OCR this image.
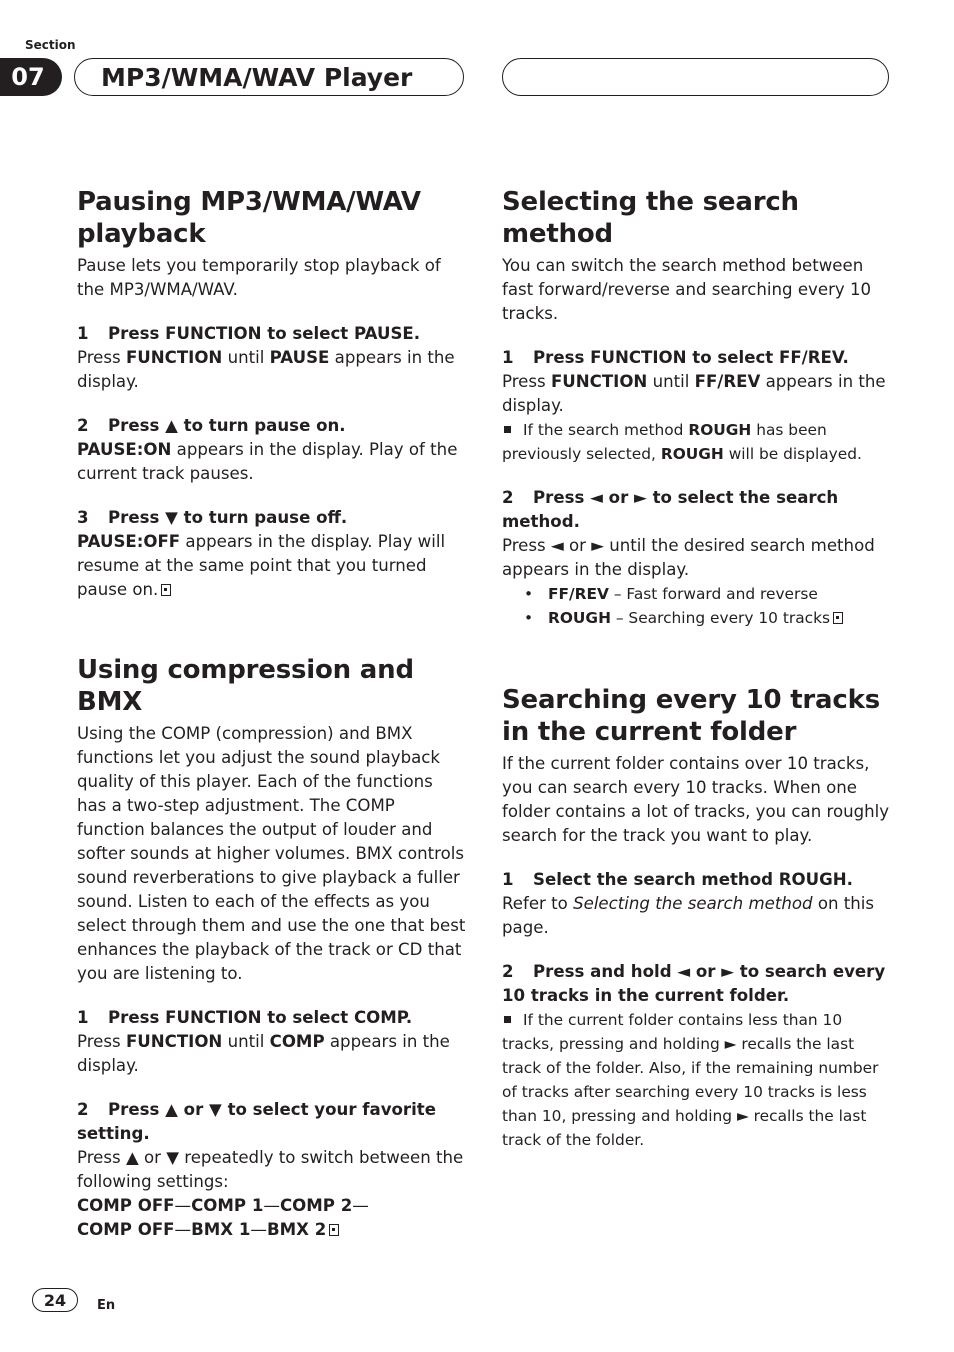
Section
07	MP3/WMA/WAV Player
Pausing MP3/WMA/WAV playback

Pause lets you temporarily stop playback of the MP3/WMA/WAV.

1 Press FUNCTION to select PAUSE.

Press FUNCTION until PAUSE appears in the display.

2 Press ▲ to turn pause on.

PAUSE:ON appears in the display. Play of the current track pauses.

3 Press ▼ to turn pause off.

PAUSE:OFF appears in the display. Play will resume at the same point that you turned pause on.

Using compression and BMX

Using the COMP (compression) and BMX functions let you adjust the sound playback quality of this player. Each of the functions has a two-step adjustment. The COMP function balances the output of louder and softer sounds at higher volumes. BMX controls sound reverberations to give playback a fuller sound. Listen to each of the effects as you select through them and use the one that best enhances the playback of the track or CD that you are listening to.

1 Press FUNCTION to select COMP.

Press FUNCTION until COMP appears in the display.

2 Press ▲ or ▼ to select your favorite setting.

Press ▲ or ▼ repeatedly to switch between the following settings:

COMP OFF—COMP 1—COMP 2—

COMP OFF—BMX 1—BMX 2

Selecting the search method

You can switch the search method between fast forward/reverse and searching every 10 tracks.

1 Press FUNCTION to select FF/REV.

Press FUNCTION until FF/REV appears in the display.

If the search method ROUGH has been previously selected, ROUGH will be displayed.

2 Press ◄ or ► to select the search method.

Press ◄ or ► until the desired search method appears in the display.

• FF/REV – Fast forward and reverse
• ROUGH – Searching every 10 tracks
Searching every 10 tracks in the current folder

If the current folder contains over 10 tracks, you can search every 10 tracks. When one folder contains a lot of tracks, you can roughly search for the track you want to play.

1 Select the search method ROUGH.

Refer to Selecting the search method on this page.

2 Press and hold ◄ or ► to search every 10 tracks in the current folder.

If the current folder contains less than 10 tracks, pressing and holding ► recalls the last track of the folder. Also, if the remaining number of tracks after searching every 10 tracks is less than 10, pressing and holding ► recalls the last track of the folder.

24	En
